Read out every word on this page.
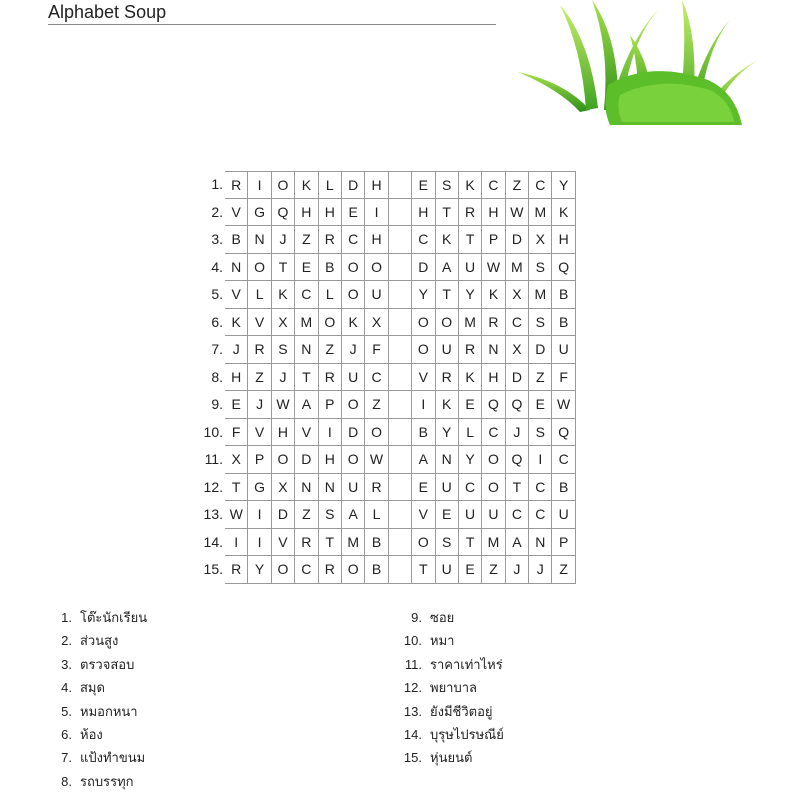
Alphabet Soup
1. R	I	O K	L	D H	E	S	K C	Z	C Y
2. V G Q H H E	I	H	T	R H W M K
3. B N	J	Z	R C H	C K	T	P D X H
4. N O T	E	B O O	D A U W M S Q
5. V	L	K C	L	O U	Y	T	Y	K	X M B
6. K	V	X M O K	X	O O M R C S	B
7. J	R S N	Z	J	F	O U R N X D U
8. H	Z	J	T	R U C	V R K H D	Z	F
9. E	J W A	P O Z	I	K	E Q Q E W
10. F	V H V	I	D O	B	Y	L	C	J	S Q
11. X	P O D H O W	A N Y O Q	I	C
12. T G X N N U R	E U C O T	C B
13. W	I	D	Z	S	A	L	V	E U U C C U
14. I	I	V R	T M B	O S	T M A N P
15. R Y O C R O B	T	U E	Z	J	J	Z
1. โต๊ะนักเรียน
2. ส่วนสูง
3. ตรวจสอบ
4. สมุด
5. หมอกหนา
6. ห้อง
7. แป้งทำขนม
8. รถบรรทุก
9. ซอย
10. หมา
11. ราคาเท่าไหร่
12. พยาบาล
13. ยังมีชีวิตอยู่
14. บุรุษไปรษณีย์
15. หุ่นยนต์
